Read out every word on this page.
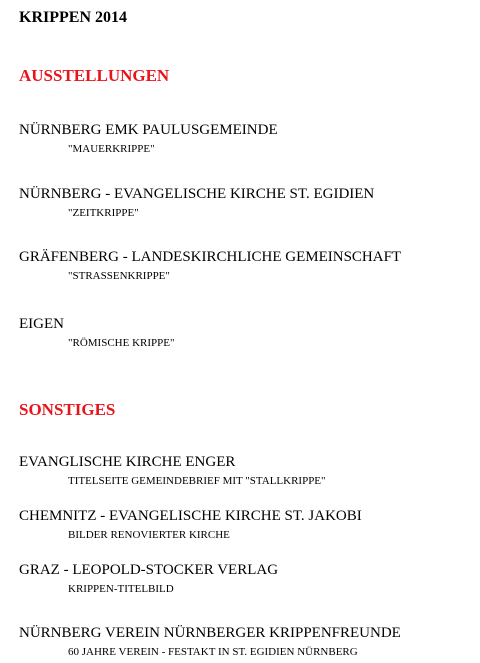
KRIPPEN 2014
AUSSTELLUNGEN
NÜRNBERG EMK PAULUSGEMEINDE
"MAUERKRIPPE"
NÜRNBERG - EVANGELISCHE KIRCHE ST. EGIDIEN
"ZEITKRIPPE"
GRÄFENBERG - LANDESKIRCHLICHE GEMEINSCHAFT
"STRASSENKRIPPE"
EIGEN
"RÖMISCHE KRIPPE"
SONSTIGES
EVANGLISCHE KIRCHE ENGER
TITELSEITE GEMEINDEBRIEF MIT "STALLKRIPPE"
CHEMNITZ - EVANGELISCHE KIRCHE ST. JAKOBI
BILDER RENOVIERTER KIRCHE
GRAZ - LEOPOLD-STOCKER VERLAG
KRIPPEN-TITELBILD
NÜRNBERG VEREIN NÜRNBERGER KRIPPENFREUNDE
60 JAHRE VEREIN - FESTAKT IN ST. EGIDIEN NÜRNBERG
